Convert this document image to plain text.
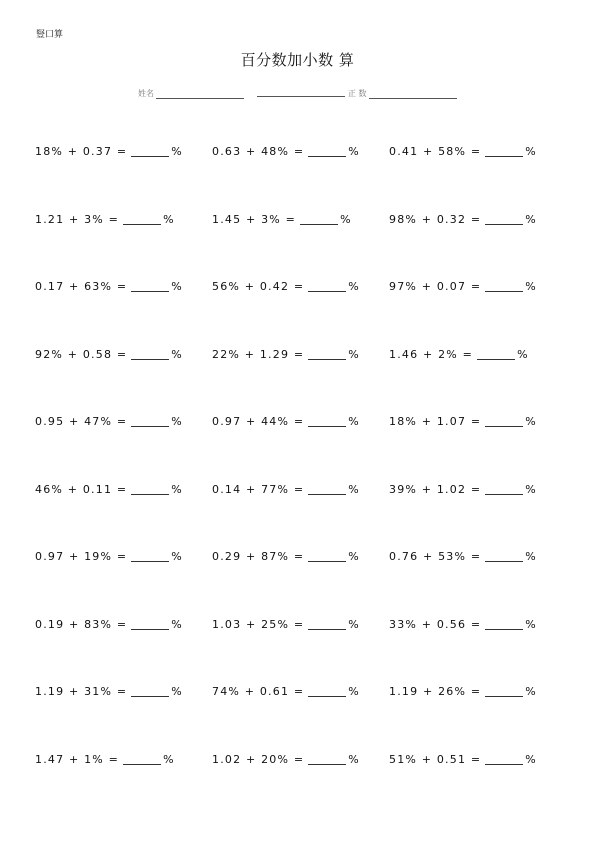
豎口算
百分数加小数 算
姓名	正 数
18% + 0.37 =	%	0.63 + 48% =	%	0.41 + 58% =	%
1.21 + 3% =	%	1.45 + 3% =	%	98% + 0.32 =	%
0.17 + 63% =	%	56% + 0.42 =	%	97% + 0.07 =	%
92% + 0.58 =	%	22% + 1.29 =	%	1.46 + 2% =	%
0.95 + 47% =	%	0.97 + 44% =	%	18% + 1.07 =	%
46% + 0.11 =	%	0.14 + 77% =	%	39% + 1.02 =	%
0.97 + 19% =	%	0.29 + 87% =	%	0.76 + 53% =	%
0.19 + 83% =	%	1.03 + 25% =	%	33% + 0.56 =	%
1.19 + 31% =	%	74% + 0.61 =	%	1.19 + 26% =	%
1.47 + 1% =	%	1.02 + 20% =	%	51% + 0.51 =	%
